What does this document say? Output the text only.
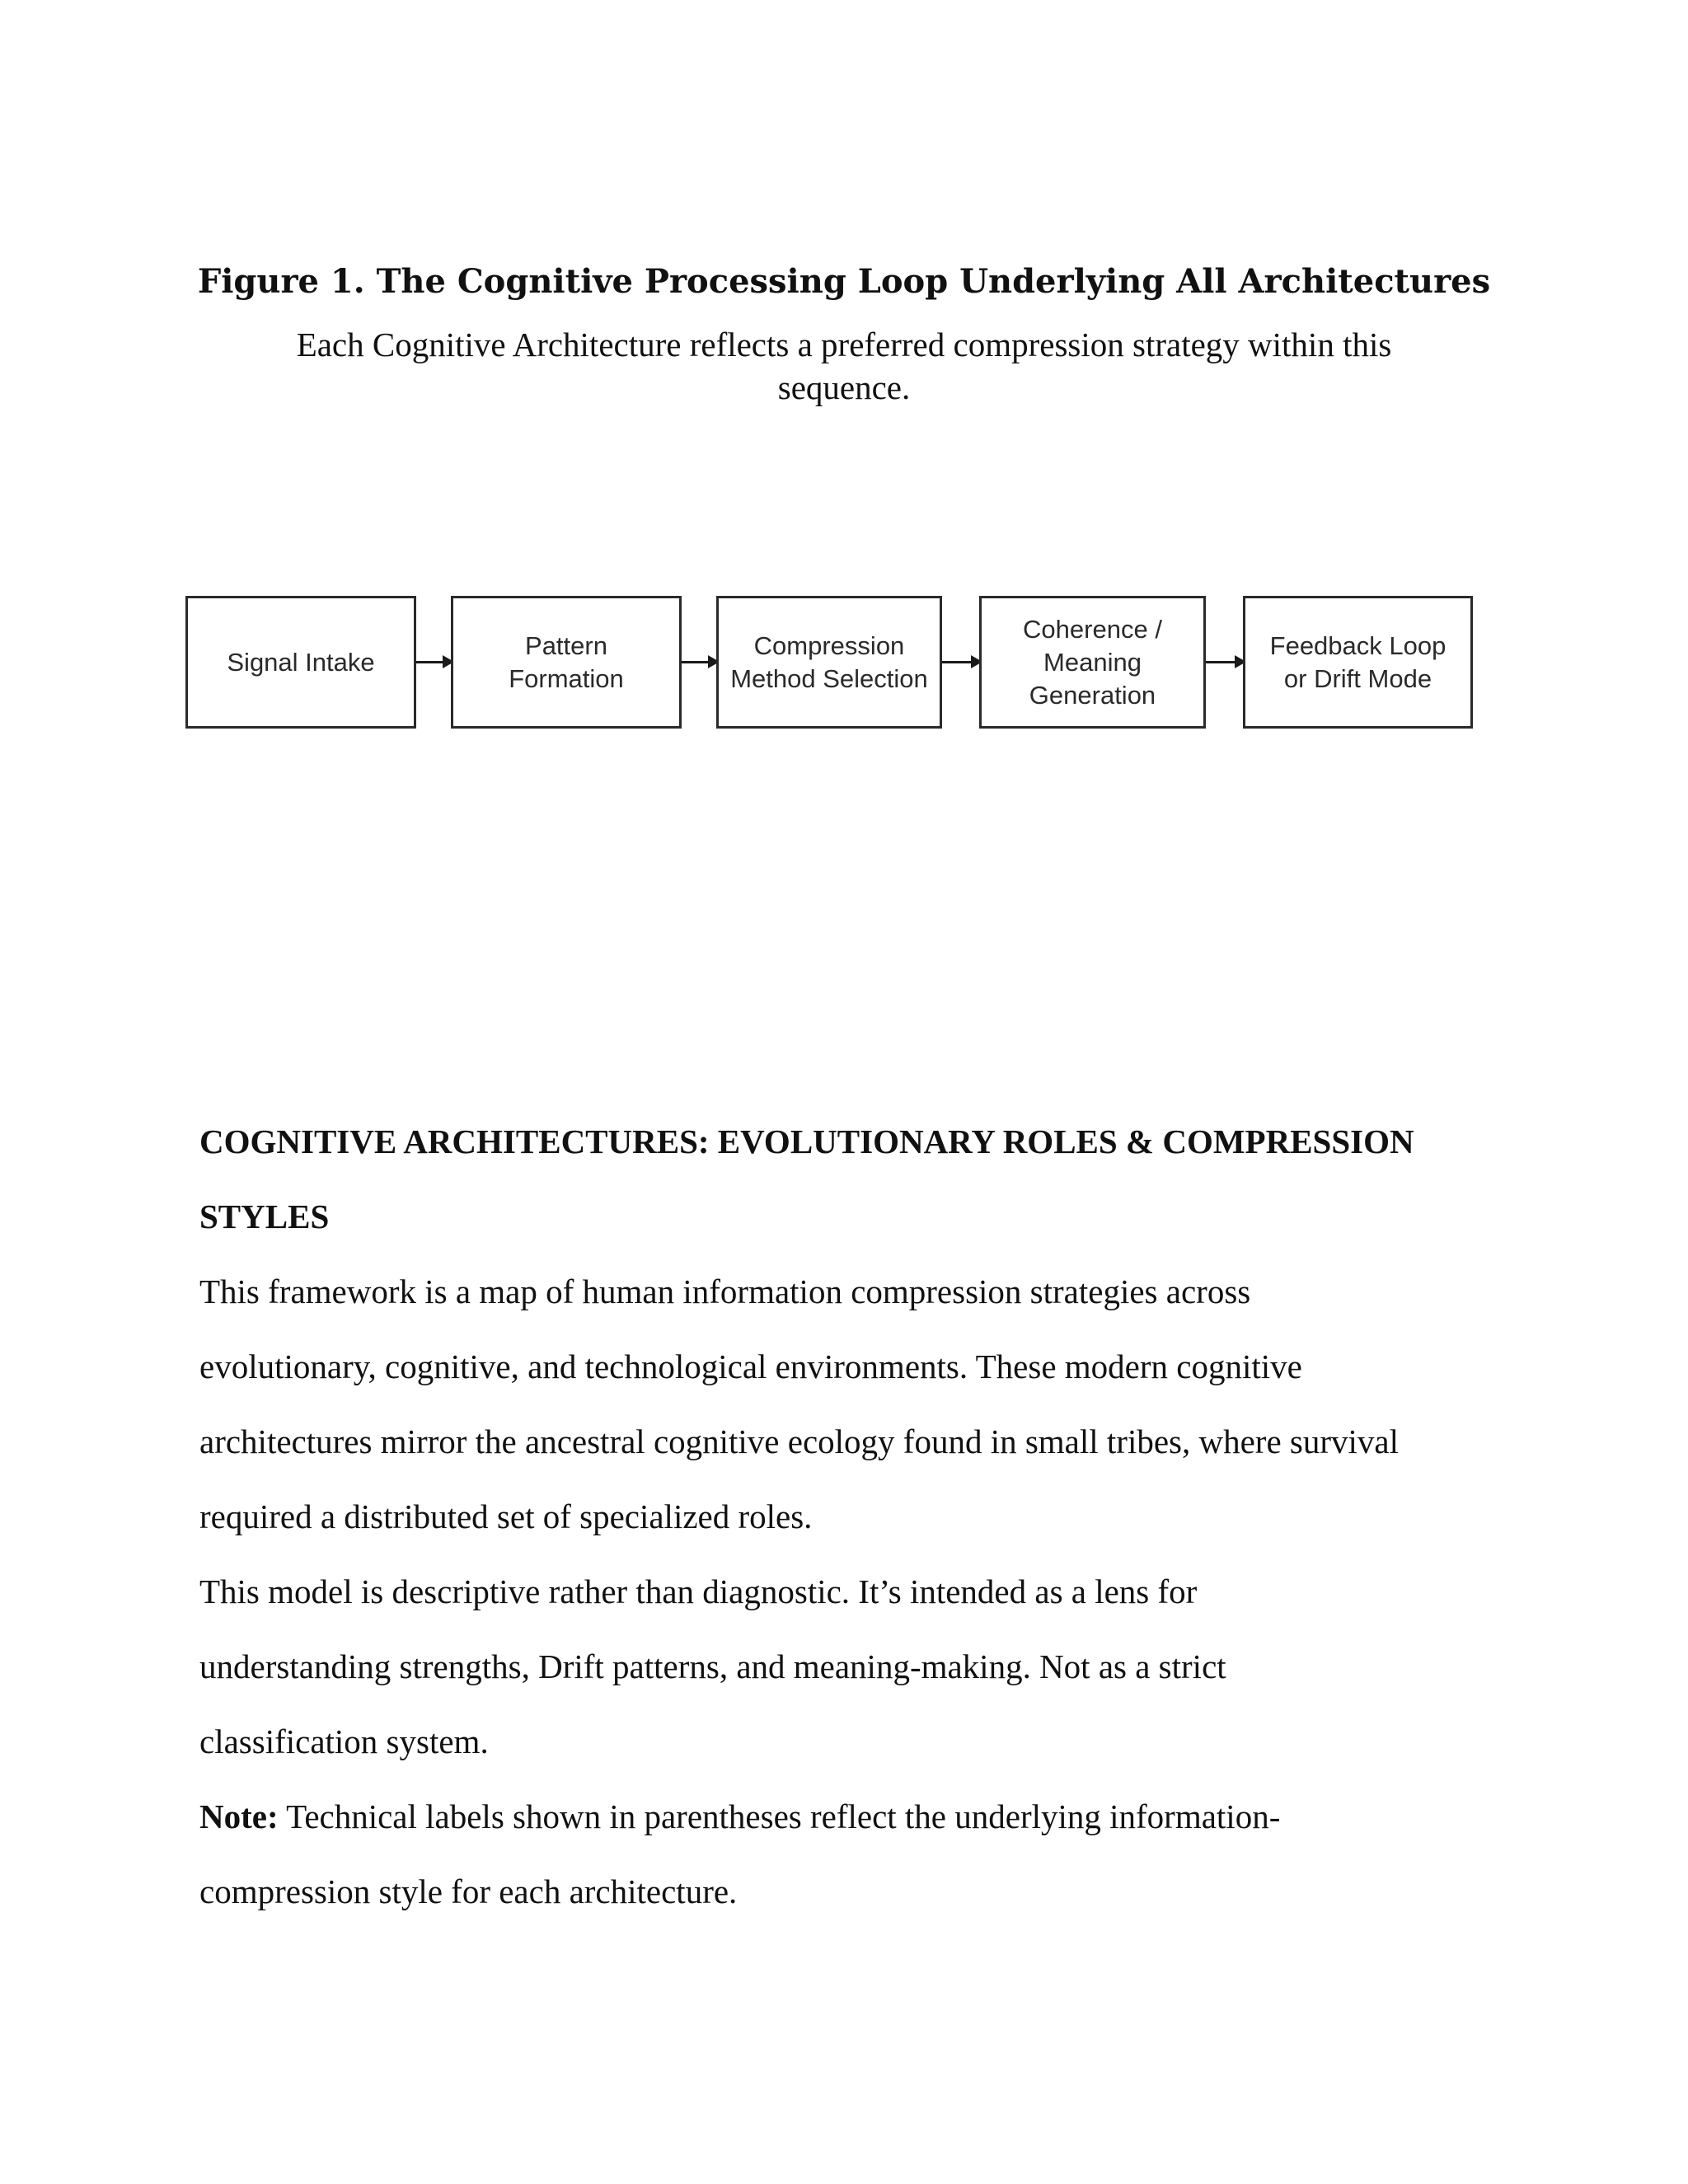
Figure 1. The Cognitive Processing Loop Underlying All Architectures

Each Cognitive Architecture reflects a preferred compression strategy within this
sequence.

Signal Intake
Pattern
Formation
Compression
Method Selection
Coherence /
Meaning Generation
Feedback Loop
or Drift Mode
COGNITIVE ARCHITECTURES: EVOLUTIONARY ROLES & COMPRESSION
STYLES

This framework is a map of human information compression strategies across
evolutionary, cognitive, and technological environments. These modern cognitive
architectures mirror the ancestral cognitive ecology found in small tribes, where survival
required a distributed set of specialized roles.

This model is descriptive rather than diagnostic. It’s intended as a lens for
understanding strengths, Drift patterns, and meaning-making. Not as a strict
classification system.

Note: Technical labels shown in parentheses reflect the underlying information-
compression style for each architecture.
